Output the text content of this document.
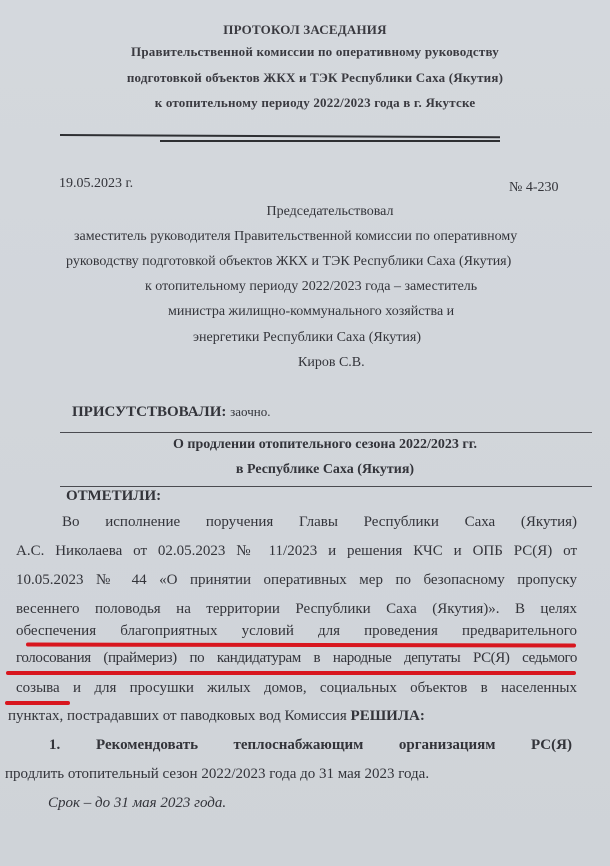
ПРОТОКОЛ ЗАСЕДАНИЯ
Правительственной комиссии по оперативному руководству
подготовкой объектов ЖКХ и ТЭК Республики Саха (Якутия)
к отопительному периоду 2022/2023 года в г. Якутске
19.05.2023 г.	№ 4-230
Председательствовал
заместитель руководителя Правительственной комиссии по оперативному
руководству подготовкой объектов ЖКХ и ТЭК Республики Саха (Якутия)
к отопительному периоду 2022/2023 года – заместитель
министра жилищно-коммунального хозяйства и
энергетики Республики Саха (Якутия)
Киров С.В.
ПРИСУТСТВОВАЛИ: заочно.
О продлении отопительного сезона 2022/2023 гг.
в Республике Саха (Якутия)
ОТМЕТИЛИ:
Во исполнение поручения Главы Республики Саха (Якутия)
А.С. Николаева от 02.05.2023 № 11/2023 и решения КЧС и ОПБ РС(Я) от
10.05.2023 № 44 «О принятии оперативных мер по безопасному пропуску
весеннего половодья на территории Республики Саха (Якутия)». В целях
обеспечения благоприятных условий для проведения предварительного
голосования (праймериз) по кандидатурам в народные депутаты РС(Я) седьмого
созыва и для просушки жилых домов, социальных объектов в населенных
пунктах, пострадавших от паводковых вод Комиссия РЕШИЛА:
1. Рекомендовать теплоснабжающим организациям РС(Я)
продлить отопительный сезон 2022/2023 года до 31 мая 2023 года.
Срок – до 31 мая 2023 года.
